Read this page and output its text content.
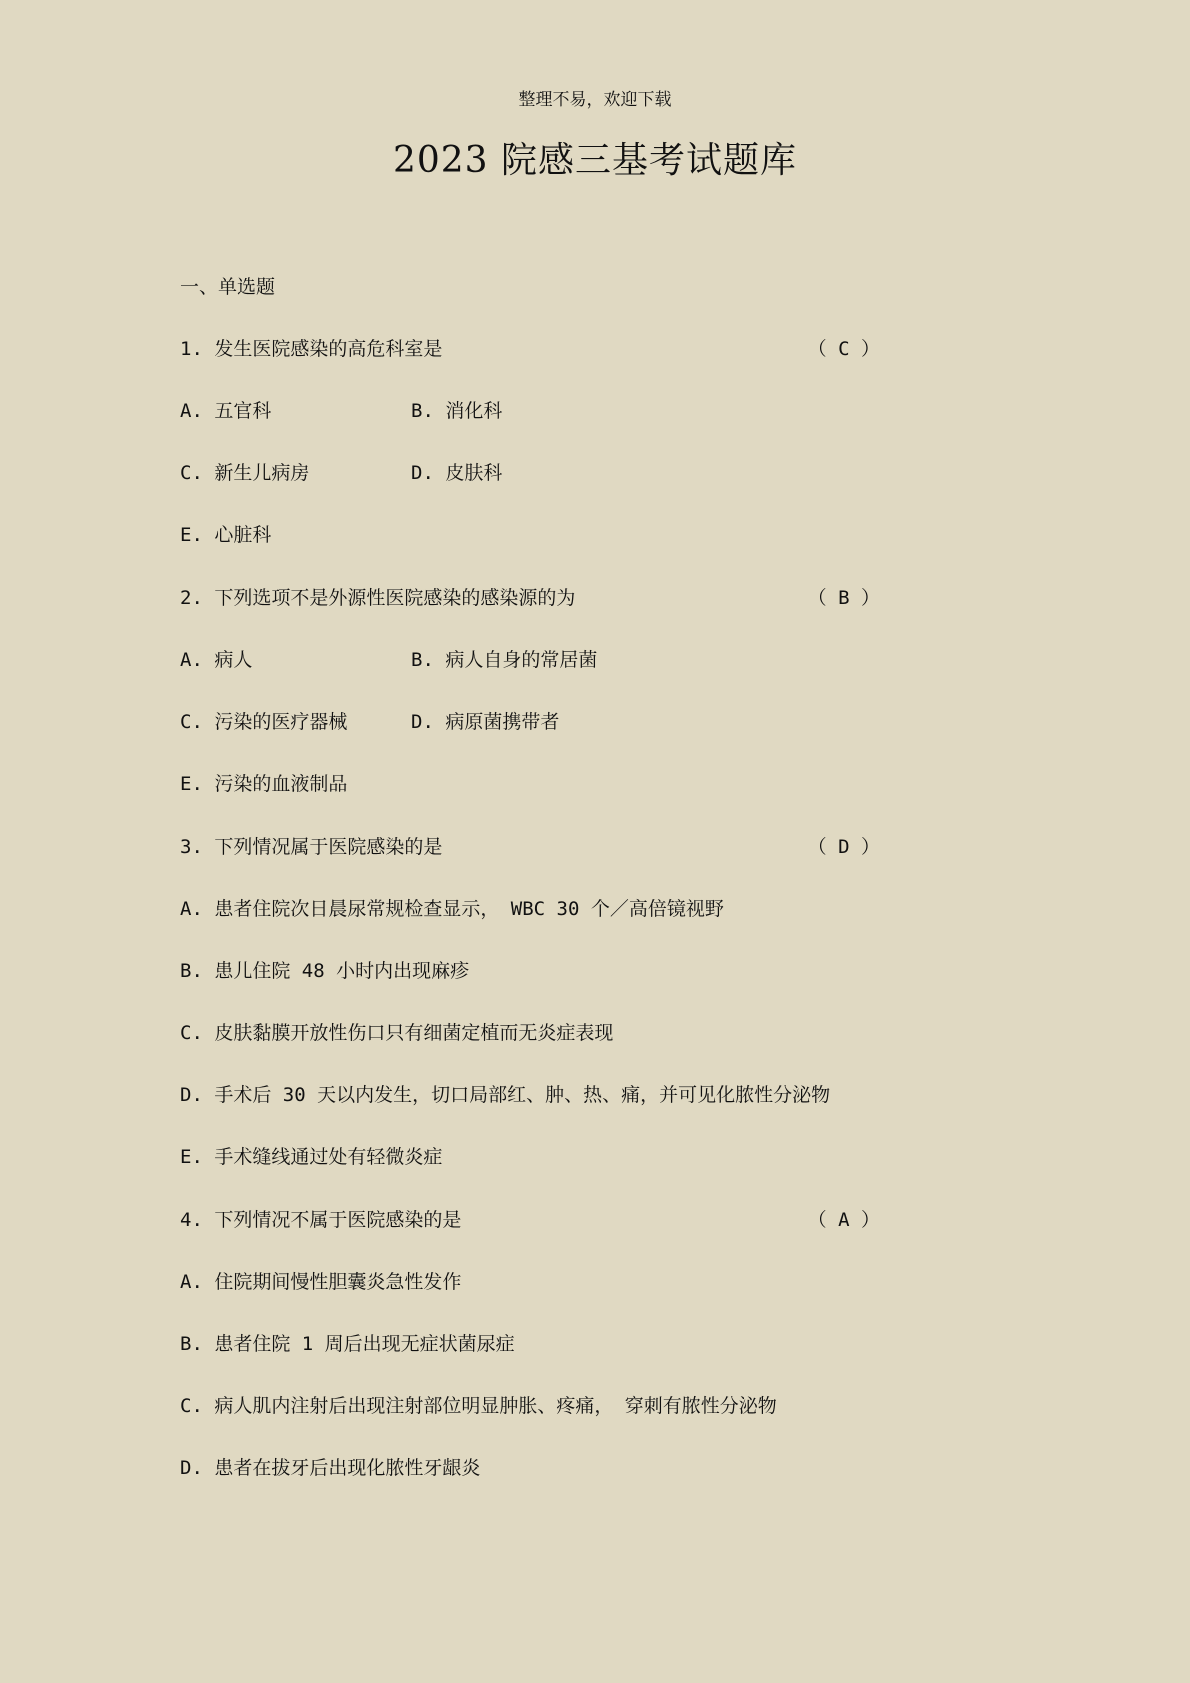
整理不易，欢迎下载
2023 院感三基考试题库
一、单选题
1. 发生医院感染的高危科室是	（ C ）
A. 五官科	B. 消化科
C. 新生儿病房	D. 皮肤科
E. 心脏科
2. 下列选项不是外源性医院感染的感染源的为	（ B ）
A. 病人	B. 病人自身的常居菌
C. 污染的医疗器械	D. 病原菌携带者
E. 污染的血液制品
3. 下列情况属于医院感染的是	（ D ）
A. 患者住院次日晨尿常规检查显示， WBC 30 个／高倍镜视野
B. 患儿住院 48 小时内出现麻疹
C. 皮肤黏膜开放性伤口只有细菌定植而无炎症表现
D. 手术后 30 天以内发生，切口局部红、肿、热、痛，并可见化脓性分泌物
E. 手术缝线通过处有轻微炎症
4. 下列情况不属于医院感染的是	（ A ）
A. 住院期间慢性胆囊炎急性发作
B. 患者住院 1 周后出现无症状菌尿症
C. 病人肌内注射后出现注射部位明显肿胀、疼痛， 穿刺有脓性分泌物
D. 患者在拔牙后出现化脓性牙龈炎
